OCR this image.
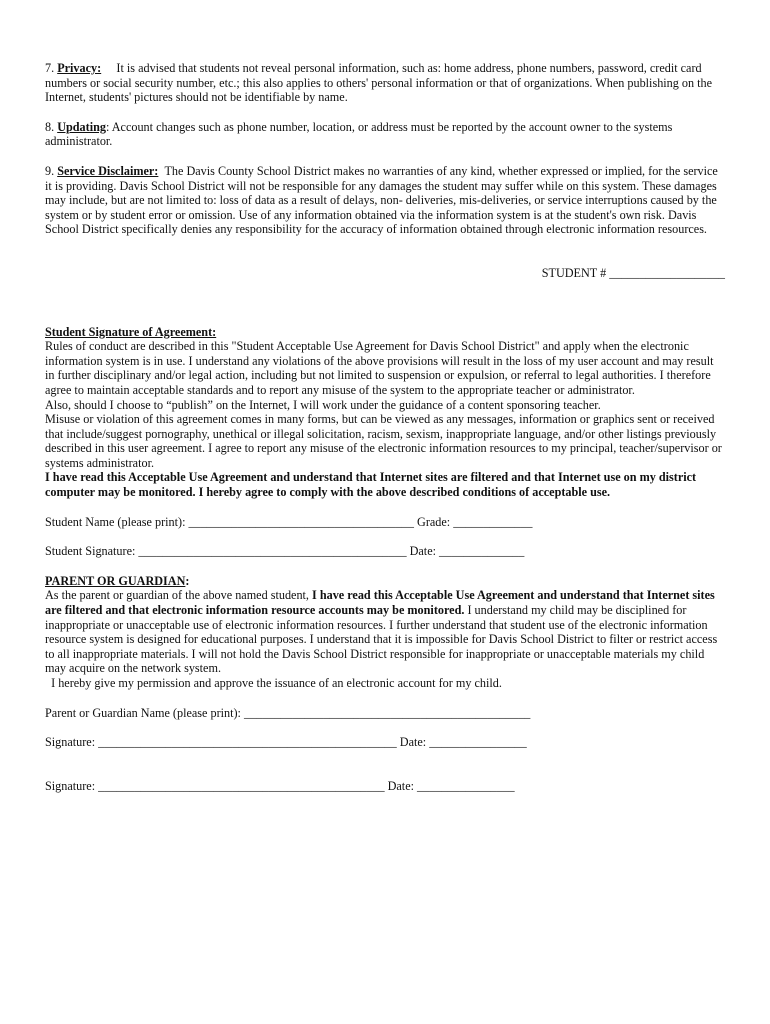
7. Privacy: It is advised that students not reveal personal information, such as: home address, phone numbers, password, credit card numbers or social security number, etc.; this also applies to others' personal information or that of organizations. When publishing on the Internet, students' pictures should not be identifiable by name.

8. Updating: Account changes such as phone number, location, or address must be reported by the account owner to the systems administrator.

9. Service Disclaimer: The Davis County School District makes no warranties of any kind, whether expressed or implied, for the service it is providing. Davis School District will not be responsible for any damages the student may suffer while on this system. These damages may include, but are not limited to: loss of data as a result of delays, non- deliveries, mis-deliveries, or service interruptions caused by the system or by student error or omission. Use of any information obtained via the information system is at the student's own risk. Davis School District specifically denies any responsibility for the accuracy of information obtained through electronic information resources.

STUDENT # ___________________

Student Signature of Agreement:

Rules of conduct are described in this "Student Acceptable Use Agreement for Davis School District" and apply when the electronic information system is in use. I understand any violations of the above provisions will result in the loss of my user account and may result in further disciplinary and/or legal action, including but not limited to suspension or expulsion, or referral to legal authorities. I therefore agree to maintain acceptable standards and to report any misuse of the system to the appropriate teacher or administrator.

Also, should I choose to “publish” on the Internet, I will work under the guidance of a content sponsoring teacher.

Misuse or violation of this agreement comes in many forms, but can be viewed as any messages, information or graphics sent or received that include/suggest pornography, unethical or illegal solicitation, racism, sexism, inappropriate language, and/or other listings previously described in this user agreement. I agree to report any misuse of the electronic information resources to my principal, teacher/supervisor or systems administrator.

I have read this Acceptable Use Agreement and understand that Internet sites are filtered and that Internet use on my district computer may be monitored. I hereby agree to comply with the above described conditions of acceptable use.

Student Name (please print): _____________________________________ Grade: _____________

Student Signature: ____________________________________________ Date: ______________

PARENT OR GUARDIAN:
As the parent or guardian of the above named student, I have read this Acceptable Use Agreement and understand that Internet sites are filtered and that electronic information resource accounts may be monitored. I understand my child may be disciplined for inappropriate or unacceptable use of electronic information resources. I further understand that student use of the electronic information resource system is designed for educational purposes. I understand that it is impossible for Davis School District to filter or restrict access to all inappropriate materials. I will not hold the Davis School District responsible for inappropriate or unacceptable materials my child may acquire on the network system.

I hereby give my permission and approve the issuance of an electronic account for my child.

Parent or Guardian Name (please print): _______________________________________________

Signature: _________________________________________________ Date: ________________

Signature: _______________________________________________ Date: ________________
